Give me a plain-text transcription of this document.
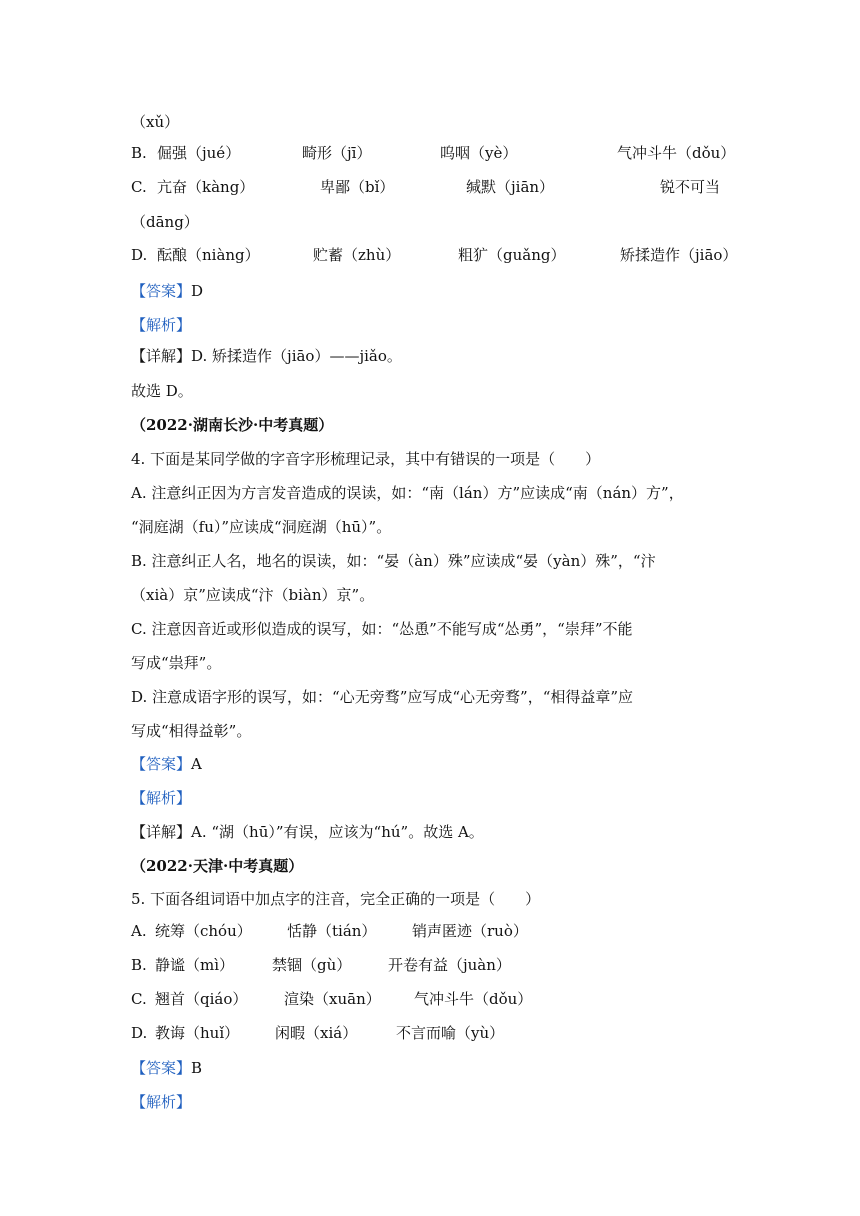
（xǔ）
B. 倔强（jué）	畸形（jī）	呜咽（yè）	气冲斗牛（dǒu）
C. 亢奋（kàng）	卑鄙（bǐ）	缄默（jiān）	锐不可当
（dāng）
D. 酝酿（niàng）	贮蓄（zhù）	粗犷（guǎng）	矫揉造作（jiāo）
【答案】D
【解析】
【详解】D. 矫揉造作（jiāo）——jiǎo。
故选 D。
（2022·湖南长沙·中考真题）
4. 下面是某同学做的字音字形梳理记录，其中有错误的一项是（　　）
A. 注意纠正因为方言发音造成的误读，如：“南（lán）方”应读成“南（nán）方”，
“洞庭湖（fu）”应读成“洞庭湖（hū）”。
B. 注意纠正人名，地名的误读，如：“晏（àn）殊”应读成“晏（yàn）殊”，“汴
（xià）京”应读成“汴（biàn）京”。
C. 注意因音近或形似造成的误写，如：“怂恿”不能写成“怂勇”，“崇拜”不能
写成“祟拜”。
D. 注意成语字形的误写，如：“心无旁骛”应写成“心无旁骛”，“相得益章”应
写成“相得益彰”。
【答案】A
【解析】
【详解】A. “湖（hū）”有误，应该为“hú”。故选 A。
（2022·天津·中考真题）
5. 下面各组词语中加点字的注音，完全正确的一项是（　　）
A. 统筹（chóu） 恬静（tián） 销声匿迹（ruò）
B. 静谧（mì）	禁锢（gù） 开卷有益（juàn）
C. 翘首（qiáo） 渲染（xuān） 气冲斗牛（dǒu）
D. 教诲（huǐ） 闲暇（xiá）	不言而喻（yù）
【答案】B
【解析】
